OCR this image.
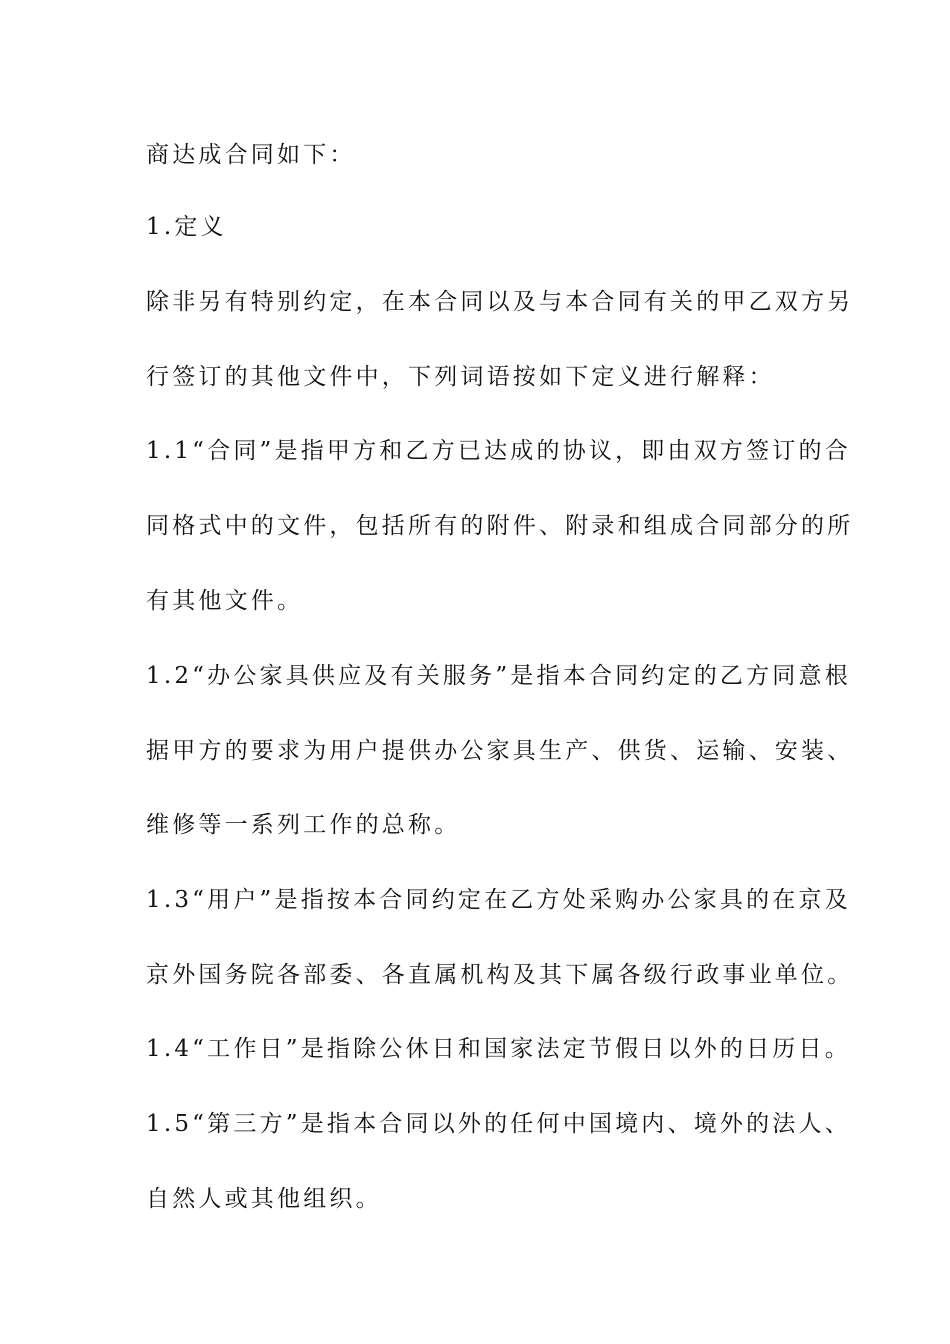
商达成合同如下：
1.定义
除非另有特别约定，在本合同以及与本合同有关的甲乙双方另
行签订的其他文件中，下列词语按如下定义进行解释：
1.1“合同”是指甲方和乙方已达成的协议，即由双方签订的合
同格式中的文件，包括所有的附件、附录和组成合同部分的所
有其他文件。
1.2“办公家具供应及有关服务”是指本合同约定的乙方同意根
据甲方的要求为用户提供办公家具生产、供货、运输、安装、
维修等一系列工作的总称。
1.3“用户”是指按本合同约定在乙方处采购办公家具的在京及
京外国务院各部委、各直属机构及其下属各级行政事业单位。
1.4“工作日”是指除公休日和国家法定节假日以外的日历日。
1.5“第三方”是指本合同以外的任何中国境内、境外的法人、
自然人或其他组织。
